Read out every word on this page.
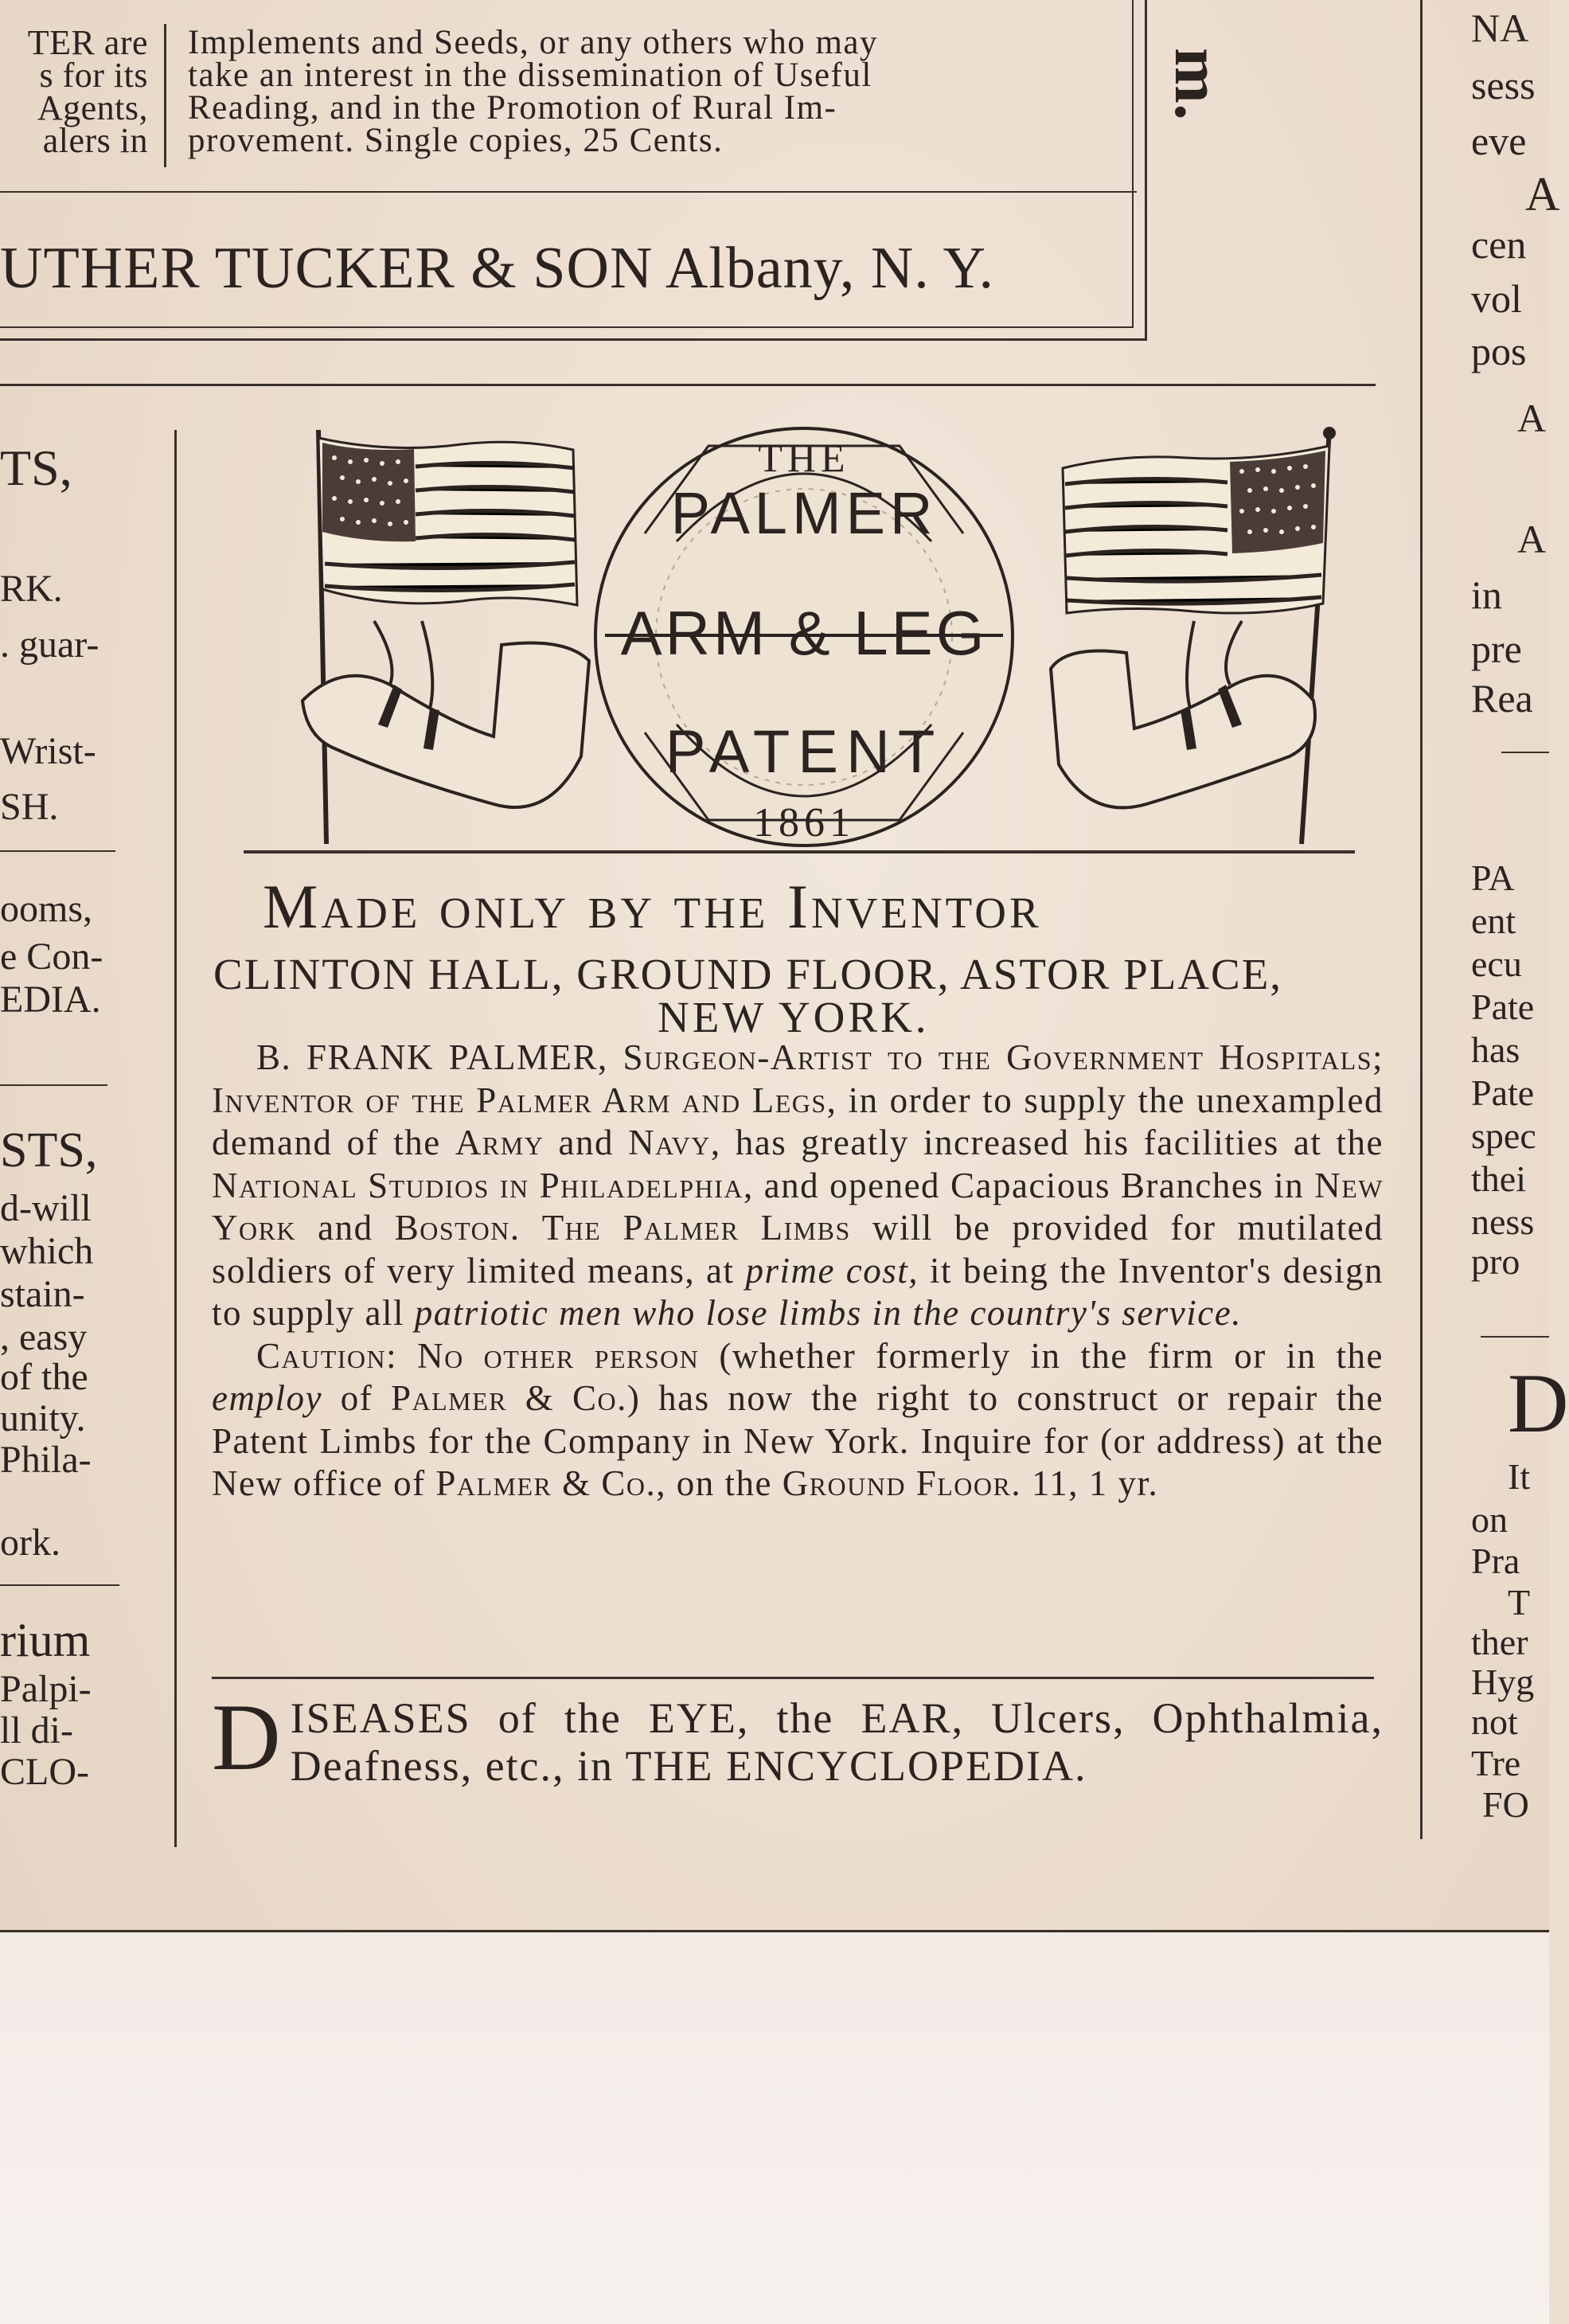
TER are
s for its
Agents,
alers in
Implements and Seeds, or any others who may
take an interest in the dissemination of Useful
Reading, and in the Promotion of Rural Im-
provement. Single copies, 25 Cents.
UTHER TUCKER & SON Albany, N. Y.
m.
TS,
RK.
. guar-
Wrist-
SH.
ooms,
e Con-
EDIA.
STS,
d-will
which
stain-
, easy
of the
unity.
Phila-
ork.
rium
Palpi-
ll di-
CLO-
NA
sess
eve
A
cen
vol
pos
A
A
in
pre
Rea
PA
ent
ecu
Pate
has
Pate
spec
thei
ness
pro
D
It
on
Pra
T
ther
Hyg
not
Tre
FO
THE
PALMER
ARM & LEG
PATENT
1861
Made only by the Inventor
CLINTON HALL, GROUND FLOOR, ASTOR PLACE,
NEW YORK.

B. FRANK PALMER, Surgeon-Artist to the Government Hospitals; Inventor of the Palmer Arm and Legs, in order to supply the unexampled demand of the Army and Navy, has greatly increased his facilities at the National Studios in Philadelphia, and opened Capacious Branches in New York and Boston. The Palmer Limbs will be provided for mutilated soldiers of very limited means, at prime cost, it being the Inventor's design to supply all patriotic men who lose limbs in the country's service.

Caution: No other person (whether formerly in the firm or in the employ of Palmer & Co.) has now the right to construct or repair the Patent Limbs for the Company in New York. Inquire for (or address) at the New office of Palmer & Co., on the Ground Floor. 11, 1 yr.

D ISEASES of the EYE, the EAR, Ulcers, Ophthalmia, Deafness, etc., in THE ENCYCLOPEDIA.
